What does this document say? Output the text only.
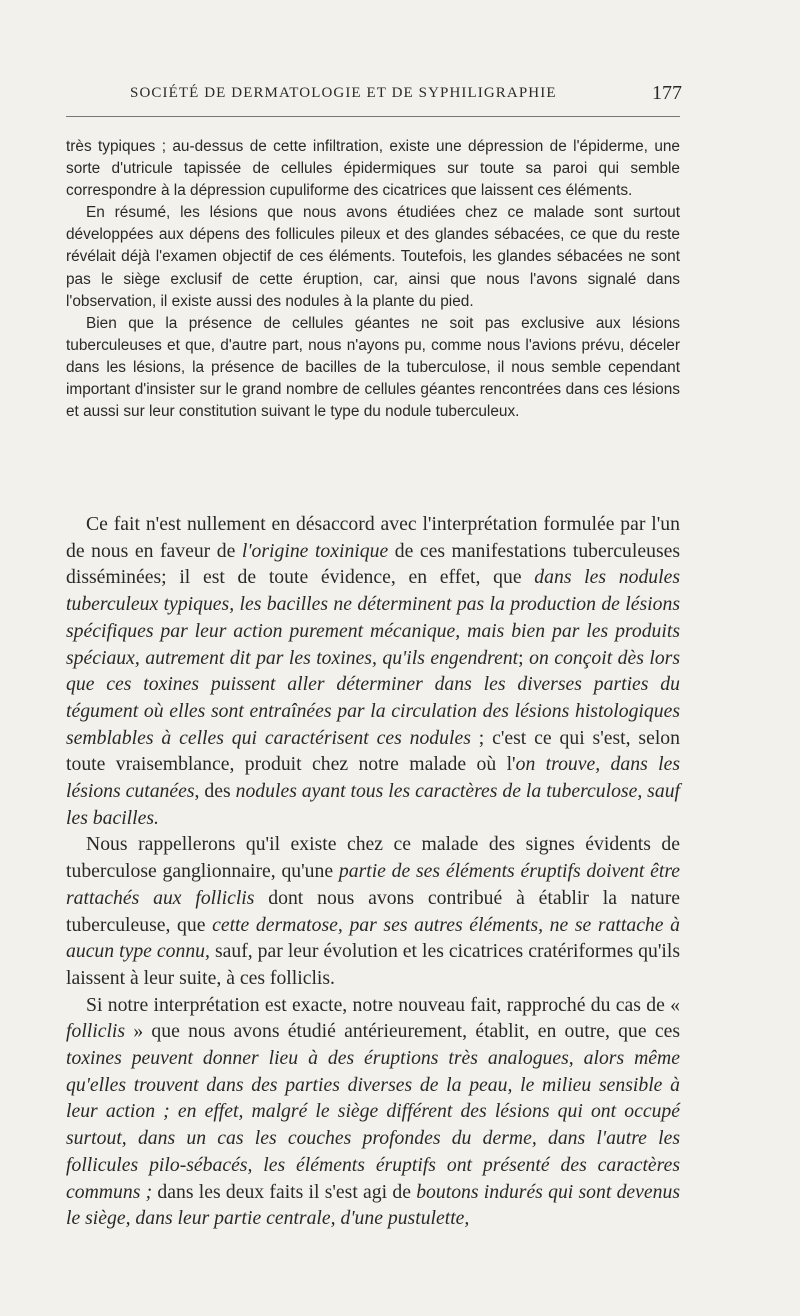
SOCIÉTÉ DE DERMATOLOGIE ET DE SYPHILIGRAPHIE	177

très typiques ; au-dessus de cette infiltration, existe une dépression de l'épiderme, une sorte d'utricule tapissée de cellules épidermiques sur toute sa paroi qui semble correspondre à la dépression cupuliforme des cicatrices que laissent ces éléments.

En résumé, les lésions que nous avons étudiées chez ce malade sont surtout développées aux dépens des follicules pileux et des glandes sébacées, ce que du reste révélait déjà l'examen objectif de ces éléments. Toutefois, les glandes sébacées ne sont pas le siège exclusif de cette éruption, car, ainsi que nous l'avons signalé dans l'observation, il existe aussi des nodules à la plante du pied.

Bien que la présence de cellules géantes ne soit pas exclusive aux lésions tuberculeuses et que, d'autre part, nous n'ayons pu, comme nous l'avions prévu, déceler dans les lésions, la présence de bacilles de la tuberculose, il nous semble cependant important d'insister sur le grand nombre de cellules géantes rencontrées dans ces lésions et aussi sur leur constitution suivant le type du nodule tuberculeux.

Ce fait n'est nullement en désaccord avec l'interprétation formulée par l'un de nous en faveur de l'origine toxinique de ces manifestations tuberculeuses disséminées; il est de toute évidence, en effet, que dans les nodules tuberculeux typiques, les bacilles ne déterminent pas la production de lésions spécifiques par leur action purement mécanique, mais bien par les produits spéciaux, autrement dit par les toxines, qu'ils engendrent; on conçoit dès lors que ces toxines puissent aller déterminer dans les diverses parties du tégument où elles sont entraînées par la circulation des lésions histologiques semblables à celles qui caractérisent ces nodules ; c'est ce qui s'est, selon toute vraisemblance, produit chez notre malade où l'on trouve, dans les lésions cutanées, des nodules ayant tous les caractères de la tuberculose, sauf les bacilles.

Nous rappellerons qu'il existe chez ce malade des signes évidents de tuberculose ganglionnaire, qu'une partie de ses éléments éruptifs doivent être rattachés aux folliclis dont nous avons contribué à établir la nature tuberculeuse, que cette dermatose, par ses autres éléments, ne se rattache à aucun type connu, sauf, par leur évolution et les cicatrices cratériformes qu'ils laissent à leur suite, à ces folliclis.

Si notre interprétation est exacte, notre nouveau fait, rapproché du cas de « folliclis » que nous avons étudié antérieurement, établit, en outre, que ces toxines peuvent donner lieu à des éruptions très analogues, alors même qu'elles trouvent dans des parties diverses de la peau, le milieu sensible à leur action ; en effet, malgré le siège différent des lésions qui ont occupé surtout, dans un cas les couches profondes du derme, dans l'autre les follicules pilo-sébacés, les éléments éruptifs ont présenté des caractères communs ; dans les deux faits il s'est agi de boutons indurés qui sont devenus le siège, dans leur partie centrale, d'une pustulette,
